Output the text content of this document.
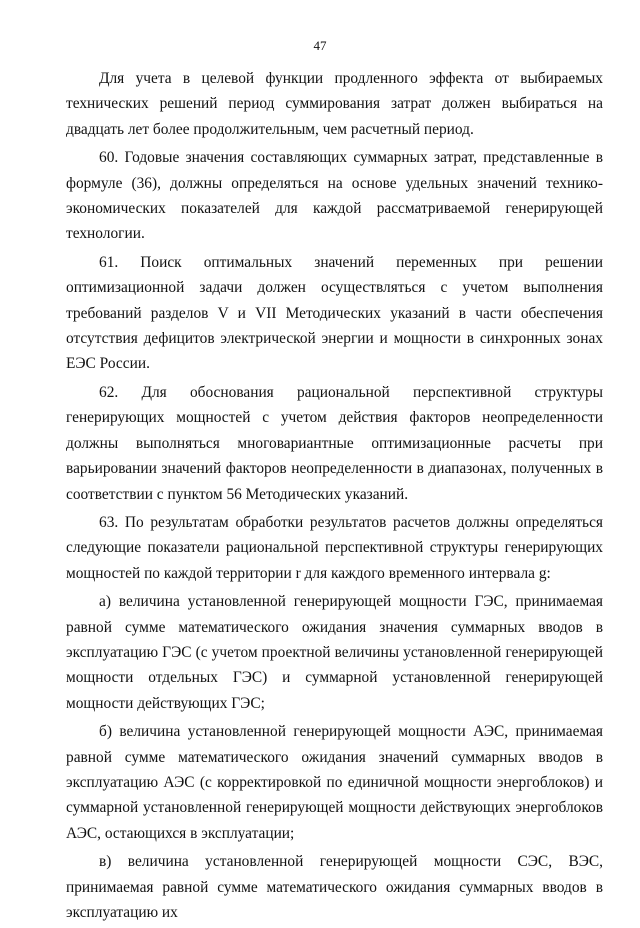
47

Для учета в целевой функции продленного эффекта от выбираемых технических решений период суммирования затрат должен выбираться на двадцать лет более продолжительным, чем расчетный период.

60. Годовые значения составляющих суммарных затрат, представленные в формуле (36), должны определяться на основе удельных значений технико-экономических показателей для каждой рассматриваемой генерирующей технологии.

61. Поиск оптимальных значений переменных при решении оптимизационной задачи должен осуществляться с учетом выполнения требований разделов V и VII Методических указаний в части обеспечения отсутствия дефицитов электрической энергии и мощности в синхронных зонах ЕЭС России.

62. Для обоснования рациональной перспективной структуры генерирующих мощностей с учетом действия факторов неопределенности должны выполняться многовариантные оптимизационные расчеты при варьировании значений факторов неопределенности в диапазонах, полученных в соответствии с пунктом 56 Методических указаний.

63. По результатам обработки результатов расчетов должны определяться следующие показатели рациональной перспективной структуры генерирующих мощностей по каждой территории r для каждого временного интервала g:

а) величина установленной генерирующей мощности ГЭС, принимаемая равной сумме математического ожидания значения суммарных вводов в эксплуатацию ГЭС (с учетом проектной величины установленной генерирующей мощности отдельных ГЭС) и суммарной установленной генерирующей мощности действующих ГЭС;

б) величина установленной генерирующей мощности АЭС, принимаемая равной сумме математического ожидания значений суммарных вводов в эксплуатацию АЭС (с корректировкой по единичной мощности энергоблоков) и суммарной установленной генерирующей мощности действующих энергоблоков АЭС, остающихся в эксплуатации;

в) величина установленной генерирующей мощности СЭС, ВЭС, принимаемая равной сумме математического ожидания суммарных вводов в эксплуатацию их
